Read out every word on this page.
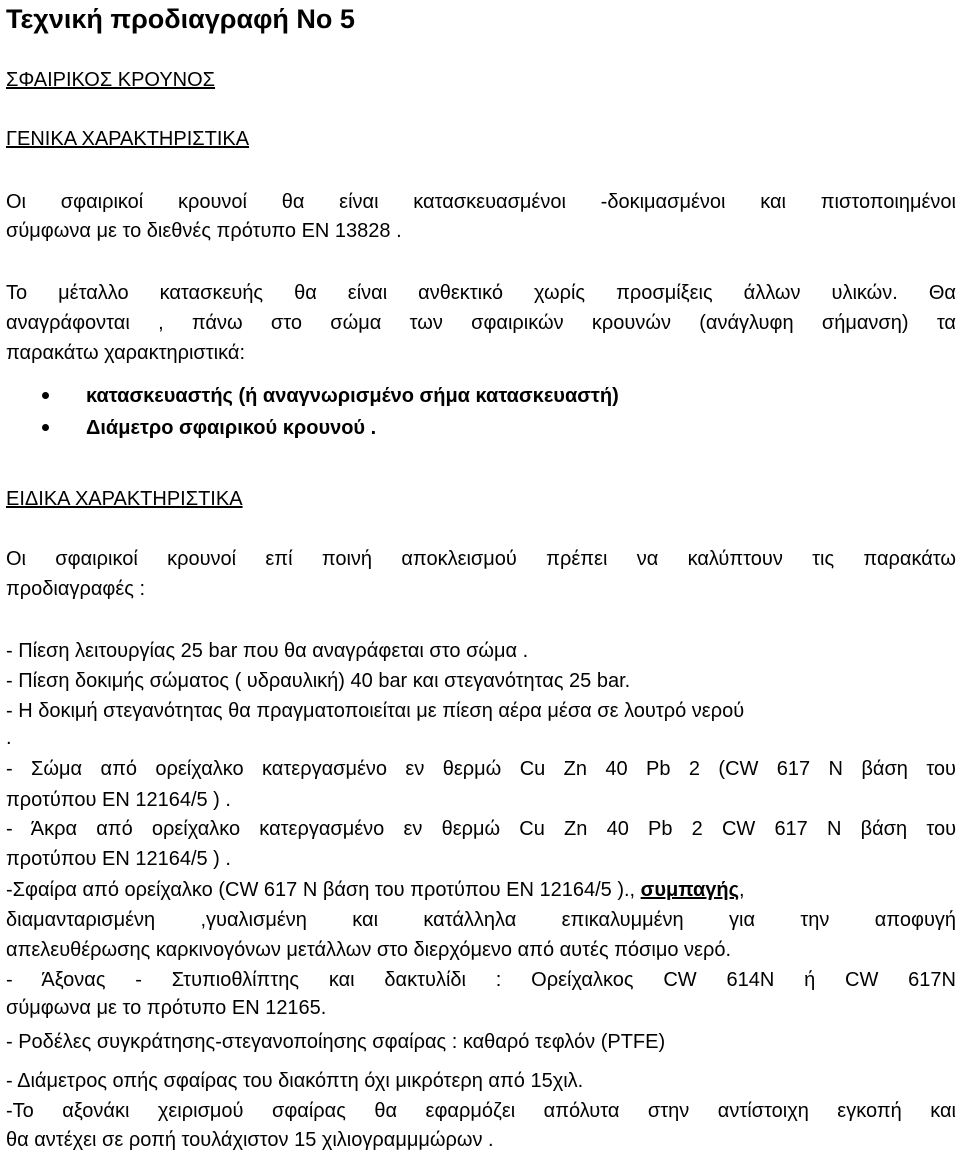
Τεχνική προδιαγραφή Νο 5
ΣΦΑΙΡΙΚΟΣ ΚΡΟΥΝΟΣ
ΓΕΝΙΚΑ ΧΑΡΑΚΤΗΡΙΣΤΙΚΑ
Οι σφαιρικοί κρουνοί θα είναι κατασκευασμένοι -δοκιμασμένοι και πιστοποιημένοι
σύμφωνα με το διεθνές πρότυπο ΕΝ 13828 .
Το μέταλλο κατασκευής θα είναι ανθεκτικό χωρίς προσμίξεις άλλων υλικών. Θα
αναγράφονται , πάνω στο σώμα των σφαιρικών κρουνών (ανάγλυφη σήμανση) τα
παρακάτω χαρακτηριστικά:
κατασκευαστής (ή αναγνωρισμένο σήμα κατασκευαστή)
Διάμετρο σφαιρικού κρουνού .
ΕΙΔΙΚΑ ΧΑΡΑΚΤΗΡΙΣΤΙΚΑ
Οι σφαιρικοί κρουνοί επί ποινή αποκλεισμού πρέπει να καλύπτουν τις παρακάτω
προδιαγραφές :
- Πίεση λειτουργίας 25 bar που θα αναγράφεται στο σώμα .
- Πίεση δοκιμής σώματος ( υδραυλική) 40 bar και στεγανότητας 25 bar.
- Η δοκιμή στεγανότητας θα πραγματοποιείται με πίεση αέρα μέσα σε λουτρό νερού
.
- Σώμα από ορείχαλκο κατεργασμένο εν θερμώ Cu Zn 40 Pb 2 (CW 617 N βάση του
προτύπου ΕΝ 12164/5 ) .
- Άκρα από ορείχαλκο κατεργασμένο εν θερμώ Cu Zn 40 Pb 2 CW 617 N βάση του
προτύπου ΕΝ 12164/5 ) .
-Σφαίρα από ορείχαλκο (CW 617 N βάση του προτύπου ΕΝ 12164/5 )., συμπαγής,
διαμανταρισμένη ,γυαλισμένη και κατάλληλα επικαλυμμένη για την αποφυγή
απελευθέρωσης καρκινογόνων μετάλλων στο διερχόμενο από αυτές πόσιμο νερό.
- Άξονας - Στυπιοθλίπτης και δακτυλίδι : Ορείχαλκος CW 614N ή CW 617N
σύμφωνα με το πρότυπο ΕΝ 12165.
- Ροδέλες συγκράτησης-στεγανοποίησης σφαίρας : καθαρό τεφλόν (PTFE)
- Διάμετρος οπής σφαίρας του διακόπτη όχι μικρότερη από 15χιλ.
-Το αξονάκι χειρισμού σφαίρας θα εφαρμόζει απόλυτα στην αντίστοιχη εγκοπή και
θα αντέχει σε ροπή τουλάχιστον 15 χιλιογραμμμώρων .
